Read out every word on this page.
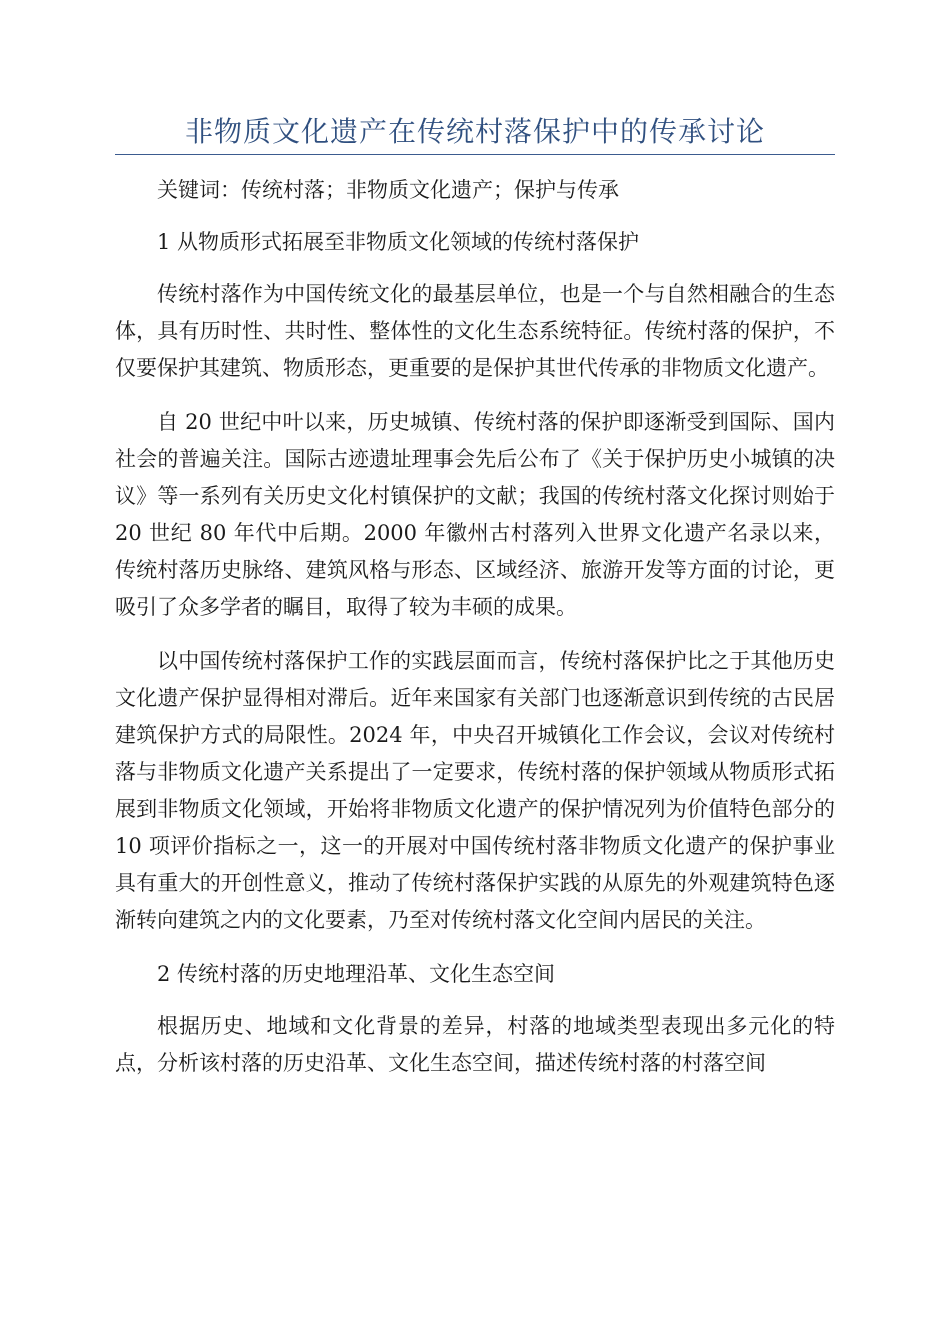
非物质文化遗产在传统村落保护中的传承讨论

关键词：传统村落；非物质文化遗产；保护与传承

1 从物质形式拓展至非物质文化领域的传统村落保护

传统村落作为中国传统文化的最基层单位，也是一个与自然相融合的生态体，具有历时性、共时性、整体性的文化生态系统特征。传统村落的保护，不仅要保护其建筑、物质形态，更重要的是保护其世代传承的非物质文化遗产。

自 20 世纪中叶以来，历史城镇、传统村落的保护即逐渐受到国际、国内社会的普遍关注。国际古迹遗址理事会先后公布了《关于保护历史小城镇的决议》等一系列有关历史文化村镇保护的文献；我国的传统村落文化探讨则始于 20 世纪 80 年代中后期。2000 年徽州古村落列入世界文化遗产名录以来，传统村落历史脉络、建筑风格与形态、区域经济、旅游开发等方面的讨论，更吸引了众多学者的瞩目，取得了较为丰硕的成果。

以中国传统村落保护工作的实践层面而言，传统村落保护比之于其他历史文化遗产保护显得相对滞后。近年来国家有关部门也逐渐意识到传统的古民居建筑保护方式的局限性。2024 年，中央召开城镇化工作会议，会议对传统村落与非物质文化遗产关系提出了一定要求，传统村落的保护领域从物质形式拓展到非物质文化领域，开始将非物质文化遗产的保护情况列为价值特色部分的 10 项评价指标之一，这一的开展对中国传统村落非物质文化遗产的保护事业具有重大的开创性意义，推动了传统村落保护实践的从原先的外观建筑特色逐渐转向建筑之内的文化要素，乃至对传统村落文化空间内居民的关注。

2 传统村落的历史地理沿革、文化生态空间

根据历史、地域和文化背景的差异，村落的地域类型表现出多元化的特点，分析该村落的历史沿革、文化生态空间，描述传统村落的村落空间
